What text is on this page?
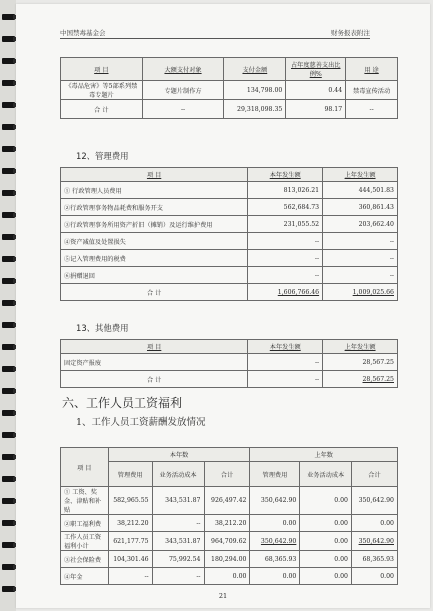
中国禁毒基金会	财务报表附注
项 目	大额支付对象	支付金额	占年度慈善支出比例%	用 途
《毒品危害》等5部系列禁毒专题片	专题片制作方	134,798.00	0.44	禁毒宣传活动
合 计	--	29,318,098.35	98.17	--
12、管理费用
项 目	本年发生额	上年发生额
① 行政管理人员费用	813,026.21	444,501.83
②行政管理事务物品耗费和服务开支	562,684.73	360,861.43
③行政管理事务所用资产折旧（摊销）及运行维护费用	231,055.52	203,662.40
④资产减值及处置损失	--	--
⑤记入管理费用的税费	--	--
⑥捐赠退回	--	--
合 计	1,606,766.46	1,009,025.66
13、其他费用
项 目	本年发生额	上年发生额
固定资产报废	--	28,567.25
合 计	--	28,567.25
六、工作人员工资福利
1、工作人员工资薪酬发放情况
项 目	本年数			上年数		
	管理费用	业务活动成本	合计	管理费用	业务活动成本	合计
① 工资、奖金、津贴和补贴	582,965.55	343,531.87	926,497.42	350,642.90	0.00	350,642.90
②职工福利费	38,212.20	--	38,212.20	0.00	0.00	0.00
工作人员工资福利小计	621,177.75	343,531.87	964,709.62	350,642.90	0.00	350,642.90
③社会保险费	104,301.46	75,992.54	180,294.00	68,365.93	0.00	68,365.93
④年金	--	--	0.00	0.00	0.00	0.00
21
